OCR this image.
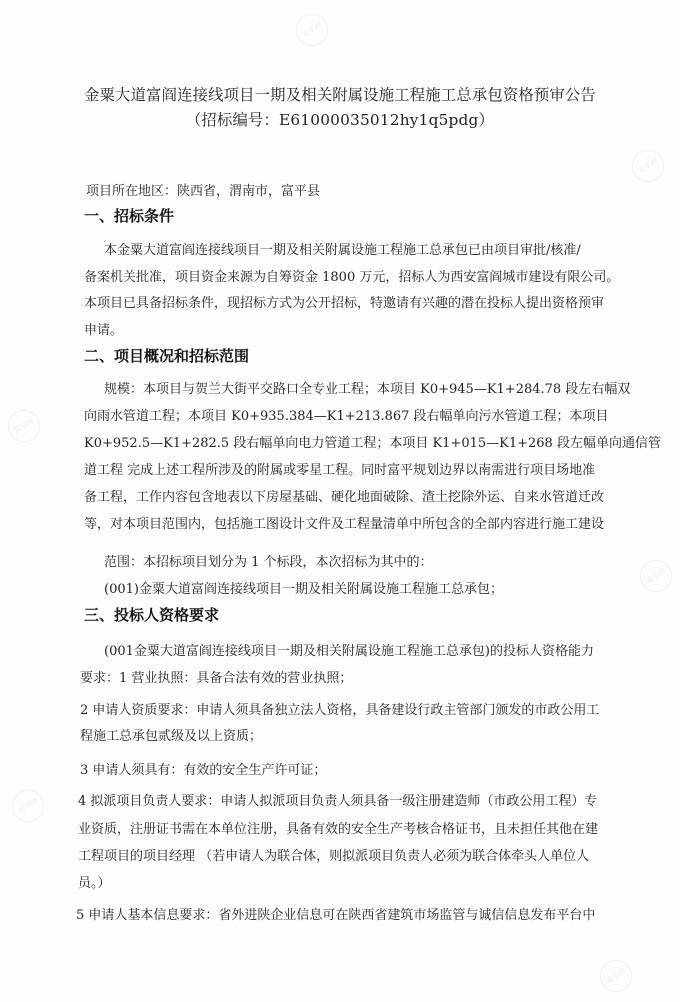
富平网
富平网
富平网
富平网
富平网
富平网
金粟大道富阎连接线项目一期及相关附属设施工程施工总承包资格预审公告
（招标编号：E61000035012hy1q5pdg）
项目所在地区：陕西省，渭南市，富平县
一、招标条件
本金粟大道富阎连接线项目一期及相关附属设施工程施工总承包已由项目审批/核准/
备案机关批准，项目资金来源为自筹资金 1800 万元，招标人为西安富阎城市建设有限公司。
本项目已具备招标条件，现招标方式为公开招标，特邀请有兴趣的潜在投标人提出资格预审
申请。
二、项目概况和招标范围
规模：本项目与贺兰大街平交路口全专业工程；本项目 K0+945—K1+284.78 段左右幅双
向雨水管道工程；本项目 K0+935.384—K1+213.867 段右幅单向污水管道工程；本项目
K0+952.5—K1+282.5 段右幅单向电力管道工程；本项目 K1+015—K1+268 段左幅单向通信管
道工程 完成上述工程所涉及的附属或零星工程。同时富平规划边界以南需进行项目场地准
备工程，工作内容包含地表以下房屋基础、硬化地面破除、渣土挖除外运、自来水管道迁改
等，对本项目范围内，包括施工图设计文件及工程量清单中所包含的全部内容进行施工建设
范围：本招标项目划分为 1 个标段，本次招标为其中的：
(001)金粟大道富阎连接线项目一期及相关附属设施工程施工总承包；
三、投标人资格要求
(001金粟大道富阎连接线项目一期及相关附属设施工程施工总承包)的投标人资格能力
要求：1 营业执照：具备合法有效的营业执照；
2 申请人资质要求：申请人须具备独立法人资格，具备建设行政主管部门颁发的市政公用工
程施工总承包贰级及以上资质；
3 申请人须具有：有效的安全生产许可证；
4 拟派项目负责人要求：申请人拟派项目负责人须具备一级注册建造师（市政公用工程）专
业资质，注册证书需在本单位注册，具备有效的安全生产考核合格证书，且未担任其他在建
工程项目的项目经理 （若申请人为联合体，则拟派项目负责人必须为联合体牵头人单位人
员。）
5 申请人基本信息要求：省外进陕企业信息可在陕西省建筑市场监管与诚信信息发布平台中
